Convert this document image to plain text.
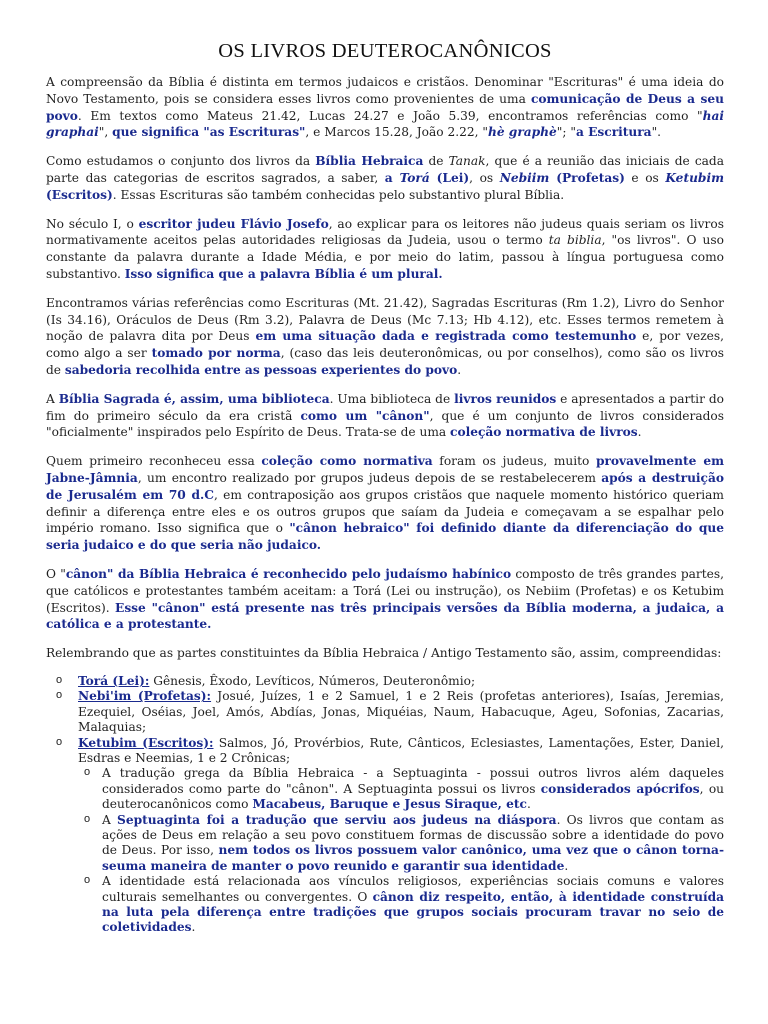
OS LIVROS DEUTEROCANÔNICOS

A compreensão da Bíblia é distinta em termos judaicos e cristãos. Denominar "Escrituras" é uma ideia do Novo Testamento, pois se considera esses livros como provenientes de uma comunicação de Deus a seu povo. Em textos como Mateus 21.42, Lucas 24.27 e João 5.39, encontramos referências como "hai graphai", que significa "as Escrituras", e Marcos 15.28, João 2.22, "hè graphè"; "a Escritura".

Como estudamos o conjunto dos livros da Bíblia Hebraica de Tanak, que é a reunião das iniciais de cada parte das categorias de escritos sagrados, a saber, a Torá (Lei), os Nebiim (Profetas) e os Ketubim (Escritos). Essas Escrituras são também conhecidas pelo substantivo plural Bíblia.

No século I, o escritor judeu Flávio Josefo, ao explicar para os leitores não judeus quais seriam os livros normativamente aceitos pelas autoridades religiosas da Judeia, usou o termo ta biblia, "os livros". O uso constante da palavra durante a Idade Média, e por meio do latim, passou à língua portuguesa como substantivo. Isso significa que a palavra Bíblia é um plural.

Encontramos várias referências como Escrituras (Mt. 21.42), Sagradas Escrituras (Rm 1.2), Livro do Senhor (Is 34.16), Oráculos de Deus (Rm 3.2), Palavra de Deus (Mc 7.13; Hb 4.12), etc. Esses termos remetem à noção de palavra dita por Deus em uma situação dada e registrada como testemunho e, por vezes, como algo a ser tomado por norma, (caso das leis deuteronômicas, ou por conselhos), como são os livros de sabedoria recolhida entre as pessoas experientes do povo.

A Bíblia Sagrada é, assim, uma biblioteca. Uma biblioteca de livros reunidos e apresentados a partir do fim do primeiro século da era cristã como um "cânon", que é um conjunto de livros considerados "oficialmente" inspirados pelo Espírito de Deus. Trata-se de uma coleção normativa de livros.

Quem primeiro reconheceu essa coleção como normativa foram os judeus, muito provavelmente em Jabne-Jâmnia, um encontro realizado por grupos judeus depois de se restabelecerem após a destruição de Jerusalém em 70 d.C, em contraposição aos grupos cristãos que naquele momento histórico queriam definir a diferença entre eles e os outros grupos que saíam da Judeia e começavam a se espalhar pelo império romano. Isso significa que o "cânon hebraico" foi definido diante da diferenciação do que seria judaico e do que seria não judaico.

O "cânon" da Bíblia Hebraica é reconhecido pelo judaísmo habínico composto de três grandes partes, que católicos e protestantes também aceitam: a Torá (Lei ou instrução), os Nebiim (Profetas) e os Ketubim (Escritos). Esse "cânon" está presente nas três principais versões da Bíblia moderna, a judaica, a católica e a protestante.

Relembrando que as partes constituintes da Bíblia Hebraica / Antigo Testamento são, assim, compreendidas:

o Torá (Lei): Gênesis, Êxodo, Levíticos, Números, Deuteronômio;
o Nebi'im (Profetas): Josué, Juízes, 1 e 2 Samuel, 1 e 2 Reis (profetas anteriores), Isaías, Jeremias, Ezequiel, Oséias, Joel, Amós, Abdías, Jonas, Miquéias, Naum, Habacuque, Ageu, Sofonias, Zacarias, Malaquias;
o Ketubim (Escritos): Salmos, Jó, Provérbios, Rute, Cânticos, Eclesiastes, Lamentações, Ester, Daniel, Esdras e Neemias, 1 e 2 Crônicas;
o A tradução grega da Bíblia Hebraica - a Septuaginta - possui outros livros além daqueles considerados como parte do "cânon". A Septuaginta possui os livros considerados apócrifos, ou deuterocanônicos como Macabeus, Baruque e Jesus Siraque, etc.
o A Septuaginta foi a tradução que serviu aos judeus na diáspora. Os livros que contam as ações de Deus em relação a seu povo constituem formas de discussão sobre a identidade do povo de Deus. Por isso, nem todos os livros possuem valor canônico, uma vez que o cânon torna-seuma maneira de manter o povo reunido e garantir sua identidade.
o A identidade está relacionada aos vínculos religiosos, experiências sociais comuns e valores culturais semelhantes ou convergentes. O cânon diz respeito, então, à identidade construída na luta pela diferença entre tradições que grupos sociais procuram travar no seio de coletividades.
